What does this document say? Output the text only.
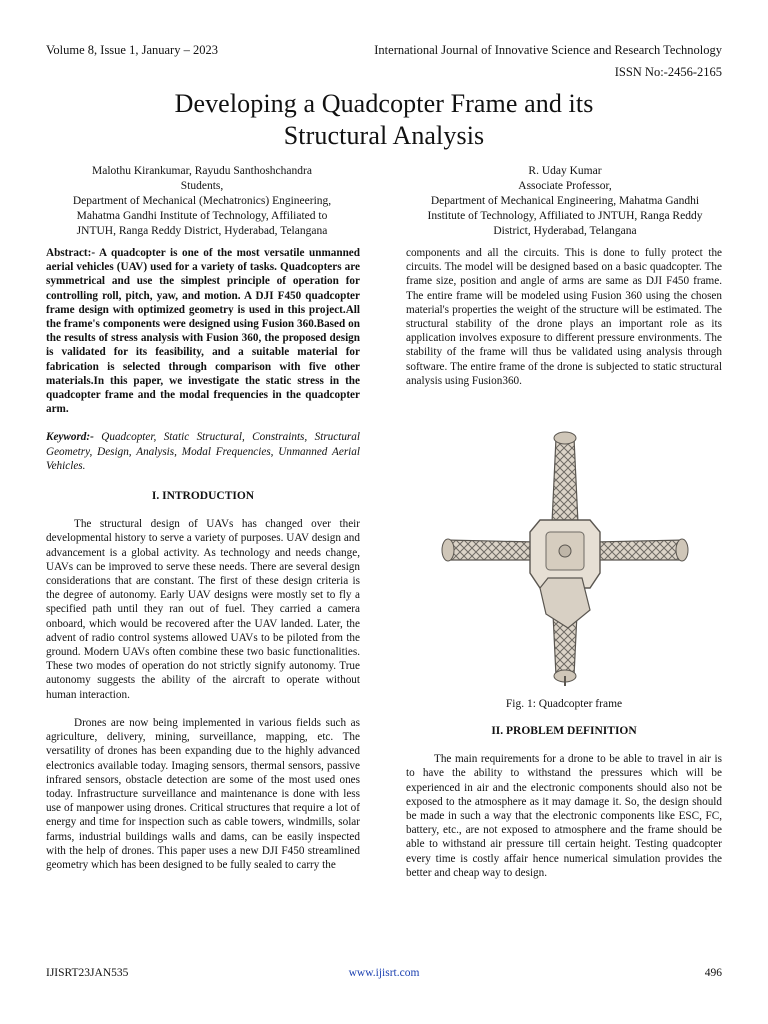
Volume 8, Issue 1, January – 2023	International Journal of Innovative Science and Research Technology
ISSN No:-2456-2165
Developing a Quadcopter Frame and its
Structural Analysis
Malothu Kirankumar, Rayudu Santhoshchandra
Students,
Department of Mechanical (Mechatronics) Engineering,
Mahatma Gandhi Institute of Technology, Affiliated to
JNTUH, Ranga Reddy District, Hyderabad, Telangana
R. Uday Kumar
Associate Professor,
Department of Mechanical Engineering, Mahatma Gandhi
Institute of Technology, Affiliated to JNTUH, Ranga Reddy
District, Hyderabad, Telangana

Abstract:- A quadcopter is one of the most versatile unmanned aerial vehicles (UAV) used for a variety of tasks. Quadcopters are symmetrical and use the simplest principle of operation for controlling roll, pitch, yaw, and motion. A DJI F450 quadcopter frame design with optimized geometry is used in this project.All the frame's components were designed using Fusion 360.Based on the results of stress analysis with Fusion 360, the proposed design is validated for its feasibility, and a suitable material for fabrication is selected through comparison with five other materials.In this paper, we investigate the static stress in the quadcopter frame and the modal frequencies in the quadcopter arm.

Keyword:- Quadcopter, Static Structural, Constraints, Structural Geometry, Design, Analysis, Modal Frequencies, Unmanned Aerial Vehicles.

I. INTRODUCTION

The structural design of UAVs has changed over their developmental history to serve a variety of purposes. UAV design and advancement is a global activity. As technology and needs change, UAVs can be improved to serve these needs. There are several design considerations that are constant. The first of these design criteria is the degree of autonomy. Early UAV designs were mostly set to fly a specified path until they ran out of fuel. They carried a camera onboard, which would be recovered after the UAV landed. Later, the advent of radio control systems allowed UAVs to be piloted from the ground. Modern UAVs often combine these two basic functionalities. These two modes of operation do not strictly signify autonomy. True autonomy suggests the ability of the aircraft to operate without human interaction.

Drones are now being implemented in various fields such as agriculture, delivery, mining, surveillance, mapping, etc. The versatility of drones has been expanding due to the highly advanced electronics available today. Imaging sensors, thermal sensors, passive infrared sensors, obstacle detection are some of the most used ones today. Infrastructure surveillance and maintenance is done with less use of manpower using drones. Critical structures that require a lot of energy and time for inspection such as cable towers, windmills, solar farms, industrial buildings walls and dams, can be easily inspected with the help of drones. This paper uses a new DJI F450 streamlined geometry which has been designed to be fully sealed to carry the

components and all the circuits. This is done to fully protect the circuits. The model will be designed based on a basic quadcopter. The frame size, position and angle of arms are same as DJI F450 frame. The entire frame will be modeled using Fusion 360 using the chosen material's properties the weight of the structure will be estimated. The structural stability of the drone plays an important role as its application involves exposure to different pressure environments. The stability of the frame will thus be validated using analysis through software. The entire frame of the drone is subjected to static structural analysis using Fusion360.

Fig. 1: Quadcopter frame
II. PROBLEM DEFINITION

The main requirements for a drone to be able to travel in air is to have the ability to withstand the pressures which will be experienced in air and the electronic components should also not be exposed to the atmosphere as it may damage it. So, the design should be made in such a way that the electronic components like ESC, FC, battery, etc., are not exposed to atmosphere and the frame should be able to withstand air pressure till certain height. Testing quadcopter every time is costly affair hence numerical simulation provides the better and cheap way to design.

IJISRT23JAN535	www.ijisrt.com	496
